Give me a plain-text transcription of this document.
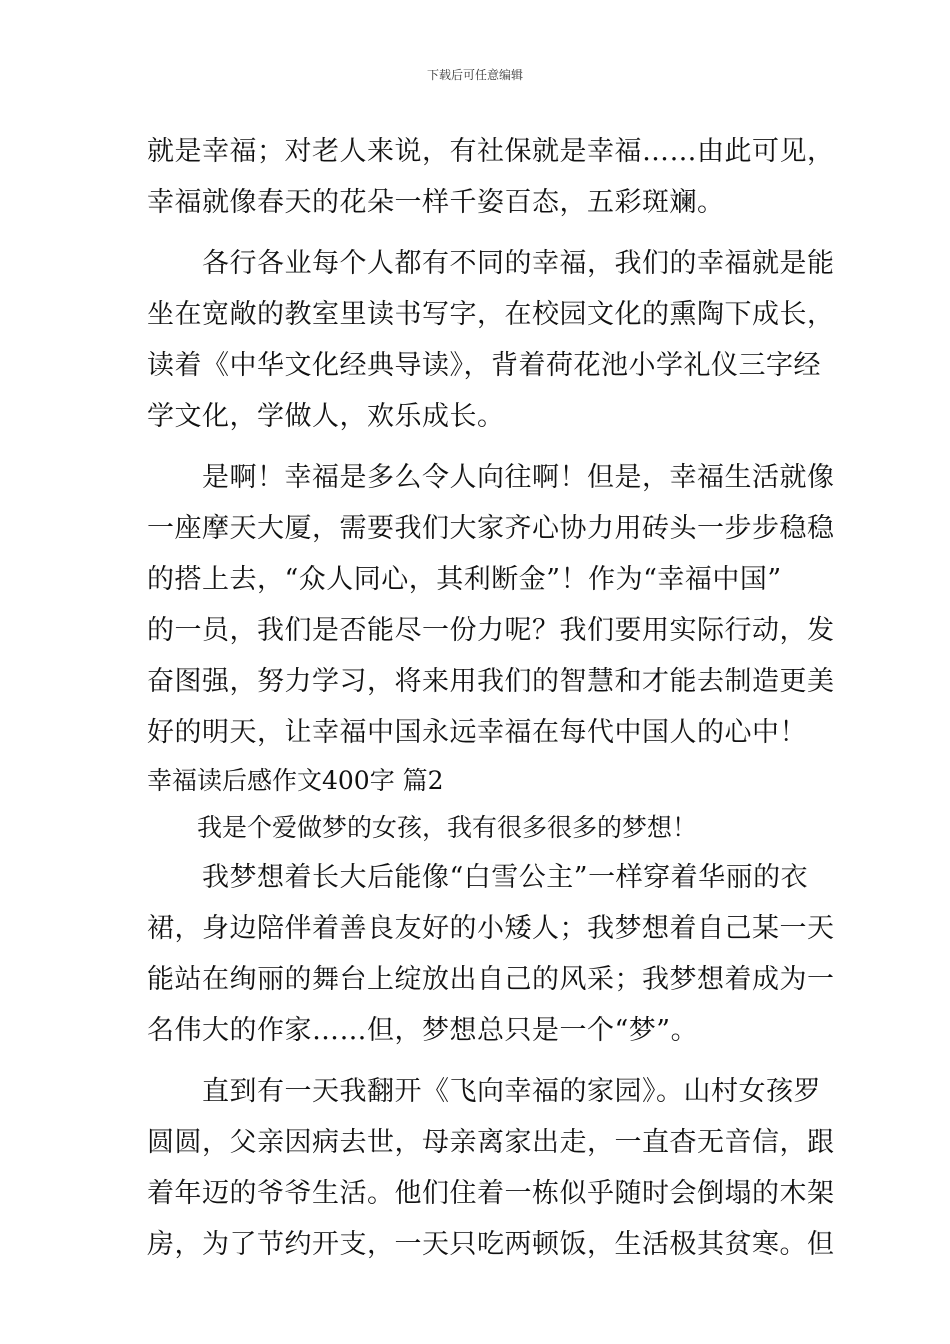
下载后可任意编辑
就是幸福；对老人来说，有社保就是幸福……由此可见，
幸福就像春天的花朵一样千姿百态，五彩斑斓。
　　各行各业每个人都有不同的幸福，我们的幸福就是能
坐在宽敞的教室里读书写字，在校园文化的熏陶下成长，
读着《中华文化经典导读》，背着荷花池小学礼仪三字经
学文化，学做人，欢乐成长。
　　是啊！幸福是多么令人向往啊！但是，幸福生活就像
一座摩天大厦，需要我们大家齐心协力用砖头一步步稳稳
的搭上去，“众人同心，其利断金”！作为“幸福中国”
的一员，我们是否能尽一份力呢？我们要用实际行动，发
奋图强，努力学习，将来用我们的智慧和才能去制造更美
好的明天，让幸福中国永远幸福在每代中国人的心中！
幸福读后感作文400字 篇2
　　我是个爱做梦的女孩，我有很多很多的梦想！
　　我梦想着长大后能像“白雪公主”一样穿着华丽的衣
裙，身边陪伴着善良友好的小矮人；我梦想着自己某一天
能站在绚丽的舞台上绽放出自己的风采；我梦想着成为一
名伟大的作家……但，梦想总只是一个“梦”。
　　直到有一天我翻开《飞向幸福的家园》。山村女孩罗
圆圆，父亲因病去世，母亲离家出走，一直杳无音信，跟
着年迈的爷爷生活。他们住着一栋似乎随时会倒塌的木架
房，为了节约开支，一天只吃两顿饭，生活极其贫寒。但
